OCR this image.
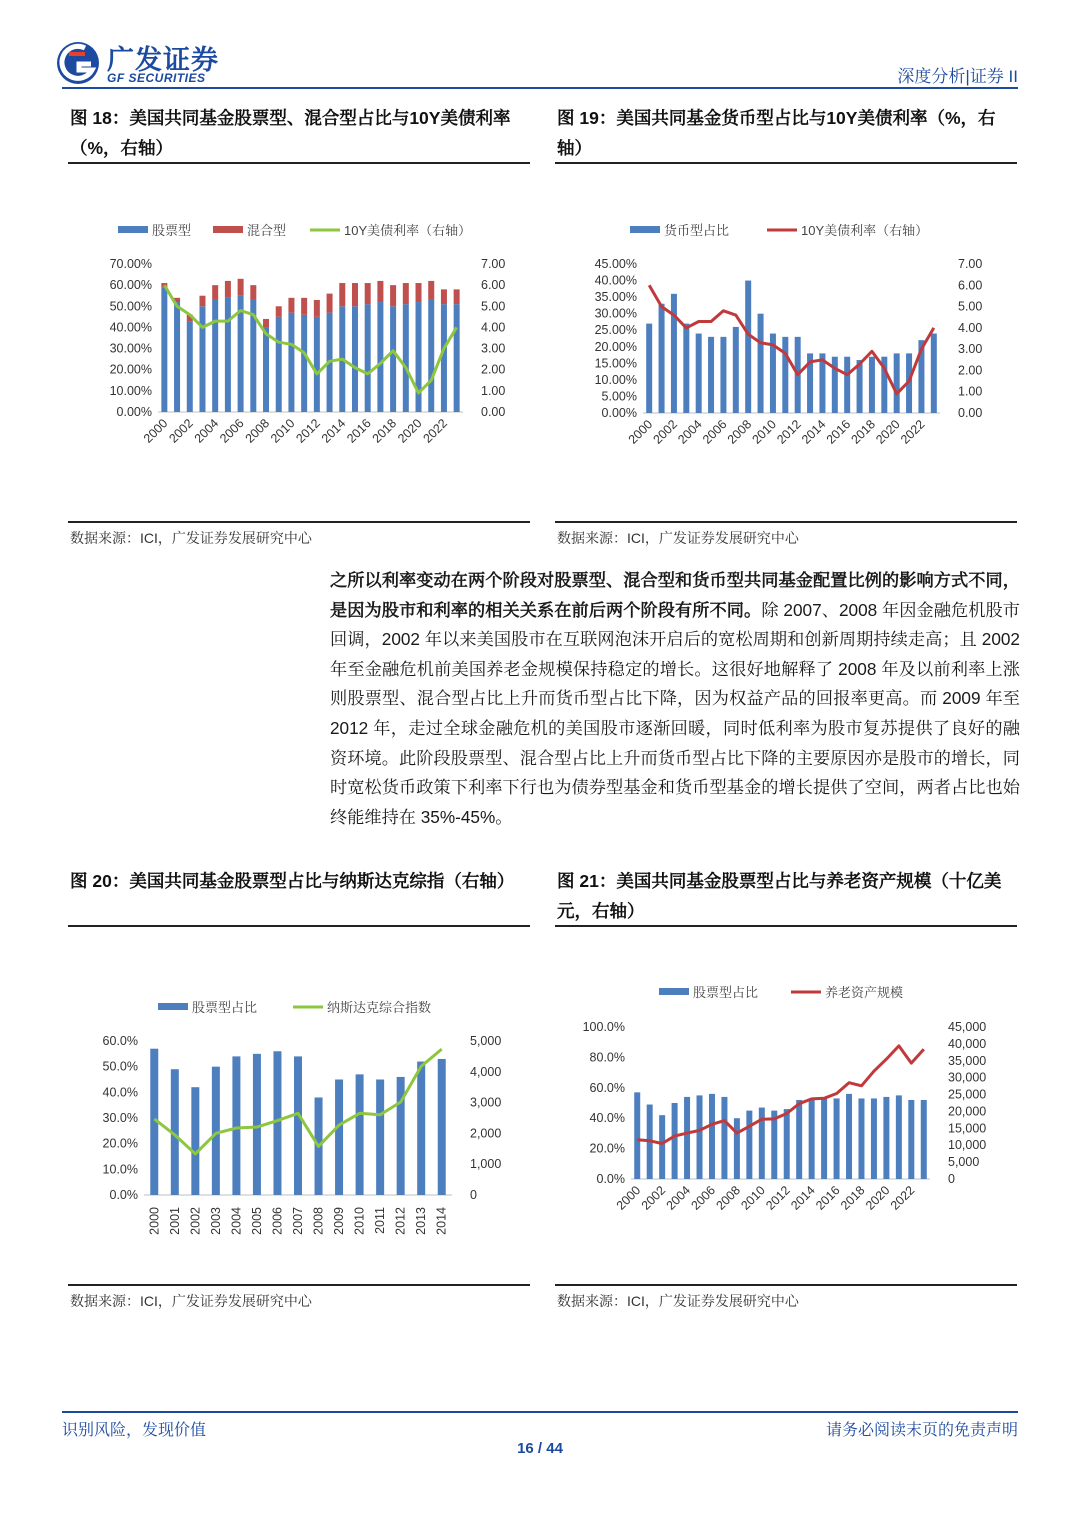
广发证券
GF SECURITIES	深度分析|证券 II
图 18：美国共同基金股票型、混合型占比与10Y美债利率（%，右轴）
0.00%
10.00%
20.00%
30.00%
40.00%
50.00%
60.00%
70.00%
0.00
1.00
2.00
3.00
4.00
5.00
6.00
7.00
2000
2002
2004
2006
2008
2010
2012
2014
2016
2018
2020
2022
股票型	混合型	10Y美债利率（右轴）
数据来源：ICI，广发证券发展研究中心
图 19：美国共同基金货币型占比与10Y美债利率（%，右轴）
0.00%
5.00%
10.00%
15.00%
20.00%
25.00%
30.00%
35.00%
40.00%
45.00%
0.00
1.00
2.00
3.00
4.00
5.00
6.00
7.00
2000
2002
2004
2006
2008
2010
2012
2014
2016
2018
2020
2022
货币型占比	10Y美债利率（右轴）
数据来源：ICI，广发证券发展研究中心
之所以利率变动在两个阶段对股票型、混合型和货币型共同基金配置比例的影响方式不同，是因为股市和利率的相关关系在前后两个阶段有所不同。除 2007、2008 年因金融危机股市回调，2002 年以来美国股市在互联网泡沫开启后的宽松周期和创新周期持续走高；且 2002 年至金融危机前美国养老金规模保持稳定的增长。这很好地解释了 2008 年及以前利率上涨则股票型、混合型占比上升而货币型占比下降，因为权益产品的回报率更高。而 2009 年至 2012 年，走过全球金融危机的美国股市逐渐回暖，同时低利率为股市复苏提供了良好的融资环境。此阶段股票型、混合型占比上升而货币型占比下降的主要原因亦是股市的增长，同时宽松货币政策下利率下行也为债券型基金和货币型基金的增长提供了空间，两者占比也始终能维持在 35%-45%。
图 20：美国共同基金股票型占比与纳斯达克综指（右轴）
0.0%
10.0%
20.0%
30.0%
40.0%
50.0%
60.0%
0
1,000
2,000
3,000
4,000
5,000
2000 2001 2002 2003 2004 2005 2006 2007 2008 2009 2010 2011 2012 2013 2014
股票型占比	纳斯达克综合指数
数据来源：ICI，广发证券发展研究中心
图 21：美国共同基金股票型占比与养老资产规模（十亿美元，右轴）
0.0%
20.0%
40.0%
60.0%
80.0%
100.0%
0
5,000
10,000
15,000
20,000
25,000
30,000
35,000
40,000
45,000
2000
2002
2004
2006
2008
2010
2012
2014
2016
2018
2020
2022
股票型占比	养老资产规模
数据来源：ICI，广发证券发展研究中心
识别风险，发现价值	请务必阅读末页的免责声明
16 / 44
